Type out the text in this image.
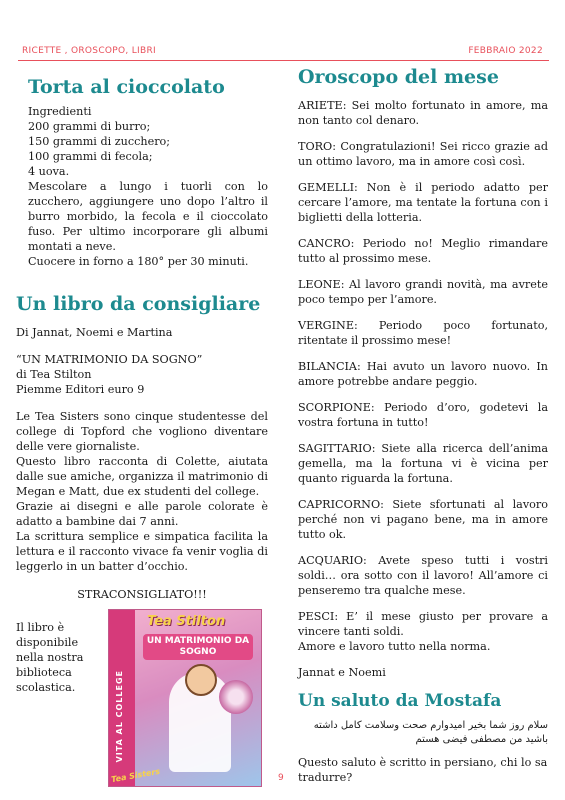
RICETTE , OROSCOPO, LIBRI	FEBBRAIO 2022
Torta al cioccolato

Ingredienti

200 grammi di burro;

150 grammi di zucchero;

100 grammi di fecola;

4 uova.

Mescolare a lungo i tuorli con lo zucchero, aggiungere uno dopo l’altro il burro morbido, la fecola e il cioccolato fuso. Per ultimo incorporare gli albumi montati a neve.

Cuocere in forno a 180° per 30 minuti.

Un libro da consigliare

Di Jannat, Noemi e Martina

“UN MATRIMONIO DA SOGNO”

di Tea Stilton

Piemme Editori euro 9

Le Tea Sisters sono cinque studentesse del college di Topford che vogliono diventare delle vere giornaliste.

Questo libro racconta di Colette, aiutata dalle sue amiche, organizza il matrimonio di Megan e Matt, due ex studenti del college.

Grazie ai disegni e alle parole colorate è adatto a bambine dai 7 anni.

La scrittura semplice e simpatica facilita la lettura e il racconto vivace fa venir voglia di leggerlo in un batter d’occhio.

STRACONSIGLIATO!!!

Il libro è disponibile nella nostra biblioteca scolastica.	VITA AL COLLEGE
Tea Stilton
UN MATRIMONIO DA SOGNO
Tea Sisters
Oroscopo del mese

ARIETE: Sei molto fortunato in amore, ma non tanto col denaro.

TORO: Congratulazioni! Sei ricco grazie ad un ottimo lavoro, ma in amore così così.

GEMELLI: Non è il periodo adatto per cercare l’amore, ma tentate la fortuna con i biglietti della lotteria.

CANCRO: Periodo no! Meglio rimandare tutto al prossimo mese.

LEONE: Al lavoro grandi novità, ma avrete poco tempo per l’amore.

VERGINE: Periodo poco fortunato, ritentate il prossimo mese!

BILANCIA: Hai avuto un lavoro nuovo. In amore potrebbe andare peggio.

SCORPIONE: Periodo d’oro, godetevi la vostra fortuna in tutto!

SAGITTARIO: Siete alla ricerca dell’anima gemella, ma la fortuna vi è vicina per quanto riguarda la fortuna.

CAPRICORNO: Siete sfortunati al lavoro perché non vi pagano bene, ma in amore tutto ok.

ACQUARIO: Avete speso tutti i vostri soldi… ora sotto con il lavoro! All’amore ci penseremo tra qualche mese.

PESCI: E’ il mese giusto per provare a vincere tanti soldi.

Amore e lavoro tutto nella norma.

Jannat e Noemi

Un saluto da Mostafa

سلام روز شما بخیر امیدوارم صحت وسلامت کامل داشته باشید من مصطفی فیضی هستم

Questo saluto è scritto in persiano, chi lo sa tradurre?

9
